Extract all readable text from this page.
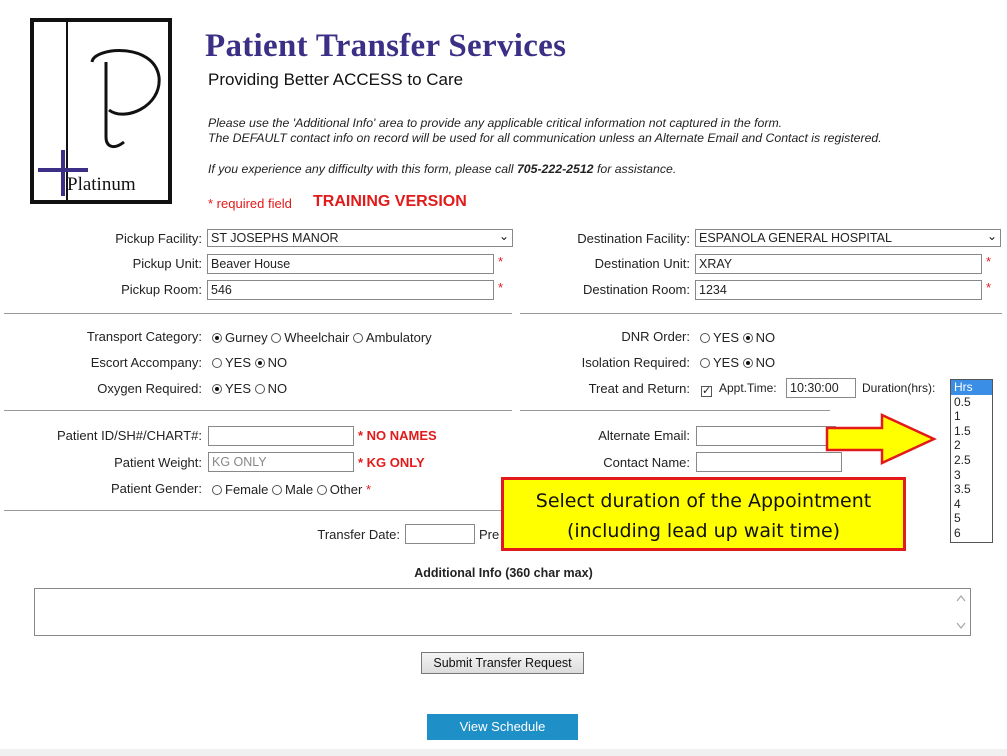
Platinum
Patient Transfer Services
Providing Better ACCESS to Care
Please use the 'Additional Info' area to provide any applicable critical information not captured in the form.
The DEFAULT contact info on record will be used for all communication unless an Alternate Email and Contact is registered.
If you experience any difficulty with this form, please call 705-222-2512 for assistance.
* required field TRAINING VERSION
Pickup Facility: ST JOSEPHS MANOR	⌄
Pickup Unit: Beaver House	*
Pickup Room: 546	*
Destination Facility: ESPANOLA GENERAL HOSPITAL	⌄
Destination Unit: XRAY	*
Destination Room: 1234	*
Transport Category:	Gurney Wheelchair Ambulatory
Escort Accompany:	YES NO
Oxygen Required:	YES NO
DNR Order:	YES NO
Isolation Required:	YES NO
Treat and Return: ✓ Appt.Time:	10:30:00	Duration(hrs):
Patient ID/SH#/CHART#:	* NO NAMES
Patient Weight: KG ONLY	* KG ONLY
Patient Gender:	Female Male Other *
Alternate Email:
Contact Name:
Transfer Date:	Pre
Additional Info (360 char max)
Submit Transfer Request
View Schedule
Hrs
0.5
1
1.5
2
2.5
3
3.5
4
5
6
Select duration of the Appointment
(including lead up wait time)
